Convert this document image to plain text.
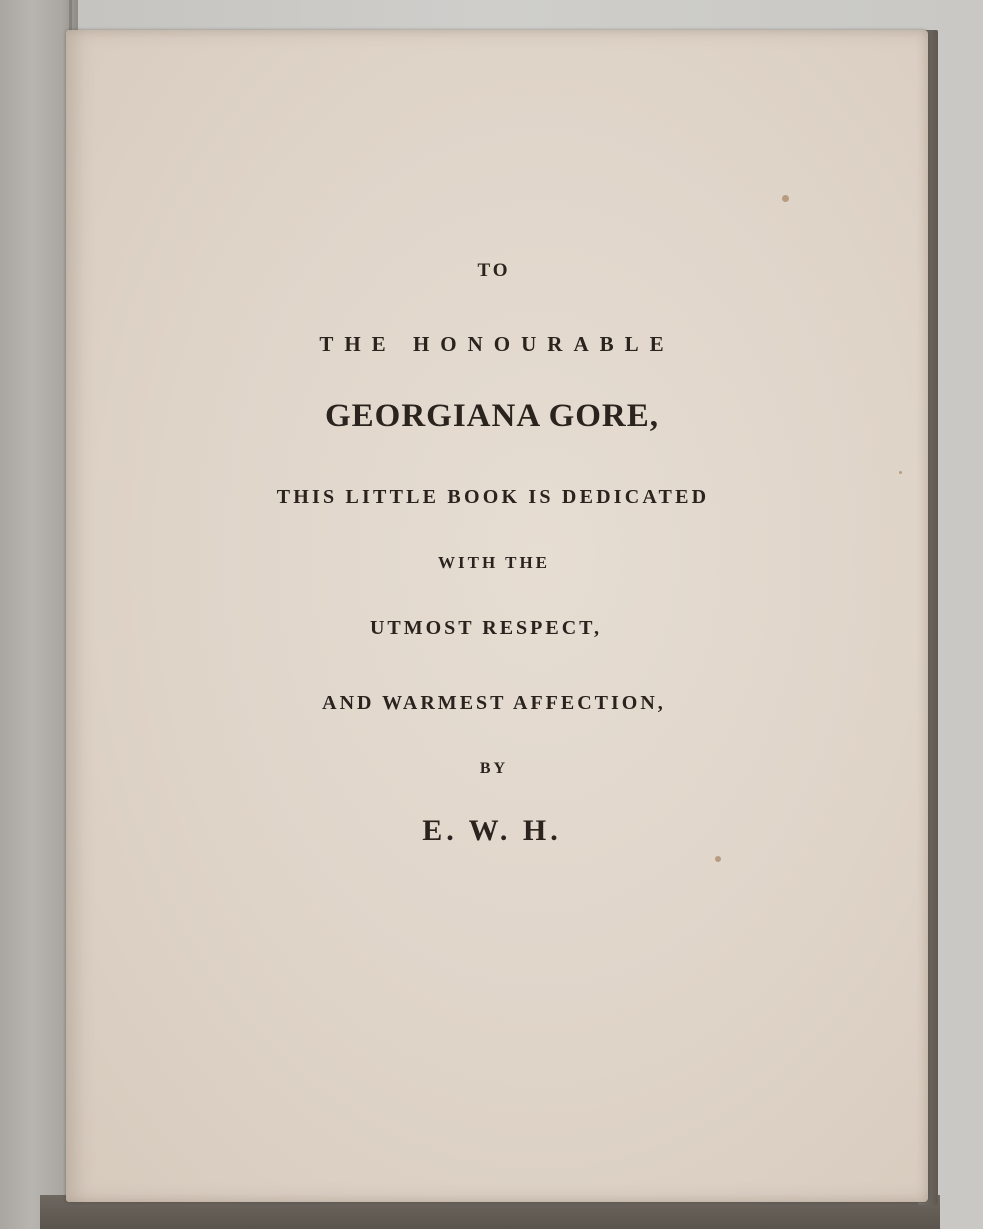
TO
THE HONOURABLE
GEORGIANA GORE,
THIS LITTLE BOOK IS DEDICATED
WITH THE
UTMOST RESPECT,
AND WARMEST AFFECTION,
BY
E. W. H.
